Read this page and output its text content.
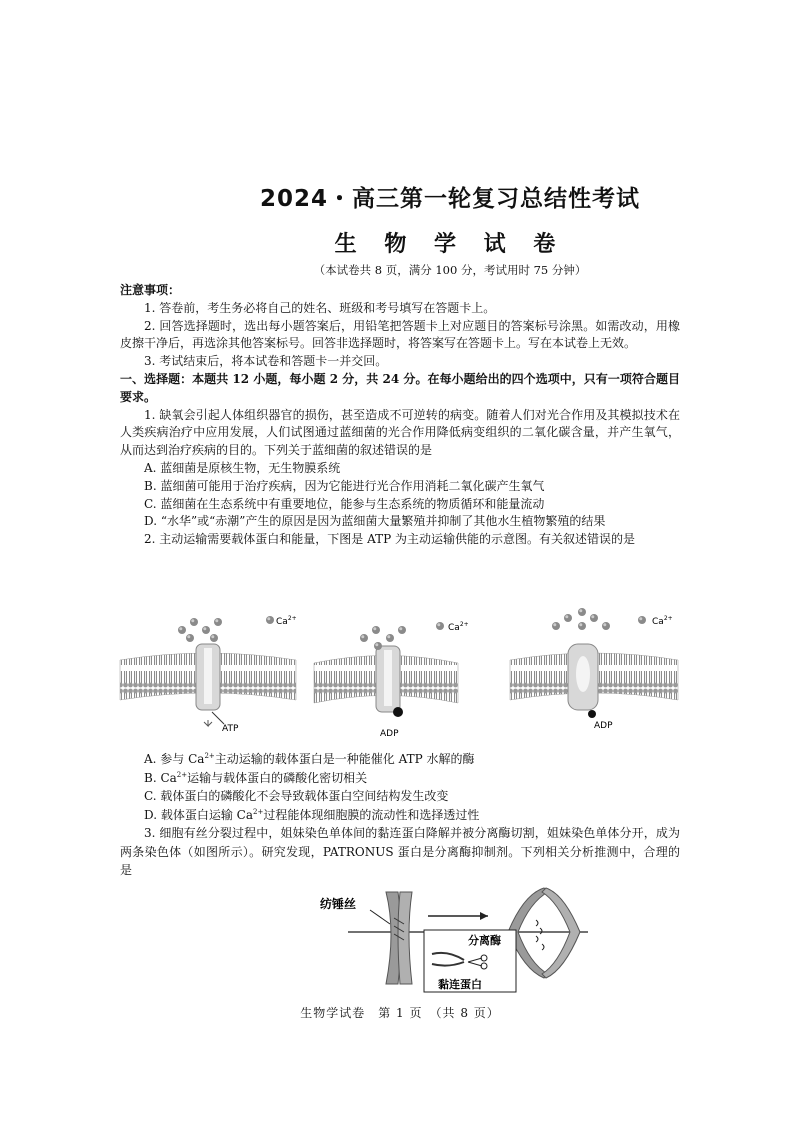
2024・高三第一轮复习总结性考试
生 物 学 试 卷
（本试卷共 8 页，满分 100 分，考试用时 75 分钟）

注意事项：

1. 答卷前，考生务必将自己的姓名、班级和考号填写在答题卡上。

2. 回答选择题时，选出每小题答案后，用铅笔把答题卡上对应题目的答案标号涂黑。如需改动，用橡皮擦干净后，再选涂其他答案标号。回答非选择题时，将答案写在答题卡上。写在本试卷上无效。

3. 考试结束后，将本试卷和答题卡一并交回。

一、选择题：本题共 12 小题，每小题 2 分，共 24 分。在每小题给出的四个选项中，只有一项符合题目要求。

1. 缺氧会引起人体组织器官的损伤，甚至造成不可逆转的病变。随着人们对光合作用及其模拟技术在人类疾病治疗中应用发展，人们试图通过蓝细菌的光合作用降低病变组织的二氧化碳含量，并产生氧气，从而达到治疗疾病的目的。下列关于蓝细菌的叙述错误的是

A. 蓝细菌是原核生物，无生物膜系统

B. 蓝细菌可能用于治疗疾病，因为它能进行光合作用消耗二氧化碳产生氧气

C. 蓝细菌在生态系统中有重要地位，能参与生态系统的物质循环和能量流动

D. “水华”或“赤潮”产生的原因是因为蓝细菌大量繁殖并抑制了其他水生植物繁殖的结果

2. 主动运输需要载体蛋白和能量，下图是 ATP 为主动运输供能的示意图。有关叙述错误的是

$Ca^{2+}$
ATP
$Ca^{2+}$
ADP
$Ca^{2+}$
ADP

A. 参与 $Ca^{2+}$主动运输的载体蛋白是一种能催化 ATP 水解的酶

B. $Ca^{2+}$运输与载体蛋白的磷酸化密切相关

C. 载体蛋白的磷酸化不会导致载体蛋白空间结构发生改变

D. 载体蛋白运输 $Ca^{2+}$过程能体现细胞膜的流动性和选择透过性

3. 细胞有丝分裂过程中，姐妹染色单体间的黏连蛋白降解并被分离酶切割，姐妹染色单体分开，成为两条染色体（如图所示）。研究发现，PATRONUS 蛋白是分离酶抑制剂。下列相关分析推测中，合理的是

纺锤丝
分离酶
黏连蛋白
生物学试卷　第 1 页　（共 8 页）
